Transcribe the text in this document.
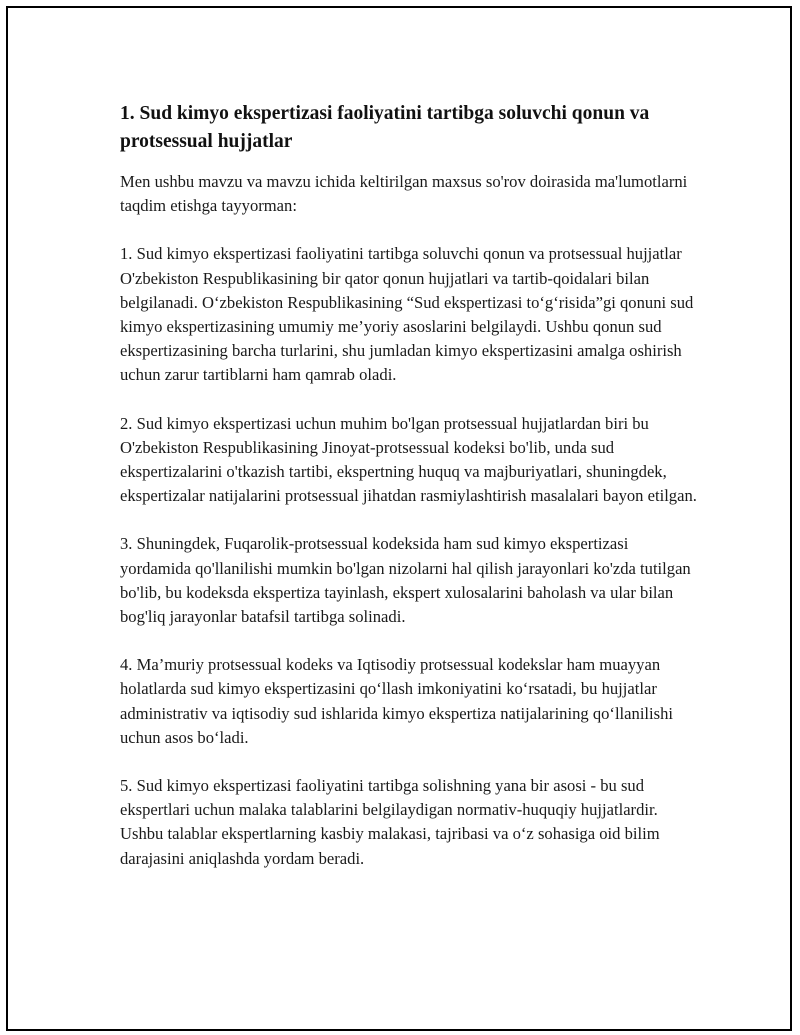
1. Sud kimyo ekspertizasi faoliyatini tartibga soluvchi qonun va protsessual hujjatlar

Men ushbu mavzu va mavzu ichida keltirilgan maxsus so'rov doirasida ma'lumotlarni taqdim etishga tayyorman:

1. Sud kimyo ekspertizasi faoliyatini tartibga soluvchi qonun va protsessual hujjatlar O'zbekiston Respublikasining bir qator qonun hujjatlari va tartib-qoidalari bilan belgilanadi. O‘zbekiston Respublikasining “Sud ekspertizasi to‘g‘risida”gi qonuni sud kimyo ekspertizasining umumiy me’yoriy asoslarini belgilaydi. Ushbu qonun sud ekspertizasining barcha turlarini, shu jumladan kimyo ekspertizasini amalga oshirish uchun zarur tartiblarni ham qamrab oladi.

2. Sud kimyo ekspertizasi uchun muhim bo'lgan protsessual hujjatlardan biri bu O'zbekiston Respublikasining Jinoyat-protsessual kodeksi bo'lib, unda sud ekspertizalarini o'tkazish tartibi, ekspertning huquq va majburiyatlari, shuningdek, ekspertizalar natijalarini protsessual jihatdan rasmiylashtirish masalalari bayon etilgan.

3. Shuningdek, Fuqarolik-protsessual kodeksida ham sud kimyo ekspertizasi yordamida qo'llanilishi mumkin bo'lgan nizolarni hal qilish jarayonlari ko'zda tutilgan bo'lib, bu kodeksda ekspertiza tayinlash, ekspert xulosalarini baholash va ular bilan bog'liq jarayonlar batafsil tartibga solinadi.

4. Ma’muriy protsessual kodeks va Iqtisodiy protsessual kodekslar ham muayyan holatlarda sud kimyo ekspertizasini qo‘llash imkoniyatini ko‘rsatadi, bu hujjatlar administrativ va iqtisodiy sud ishlarida kimyo ekspertiza natijalarining qo‘llanilishi uchun asos bo‘ladi.

5. Sud kimyo ekspertizasi faoliyatini tartibga solishning yana bir asosi - bu sud ekspertlari uchun malaka talablarini belgilaydigan normativ-huquqiy hujjatlardir. Ushbu talablar ekspertlarning kasbiy malakasi, tajribasi va o‘z sohasiga oid bilim darajasini aniqlashda yordam beradi.
